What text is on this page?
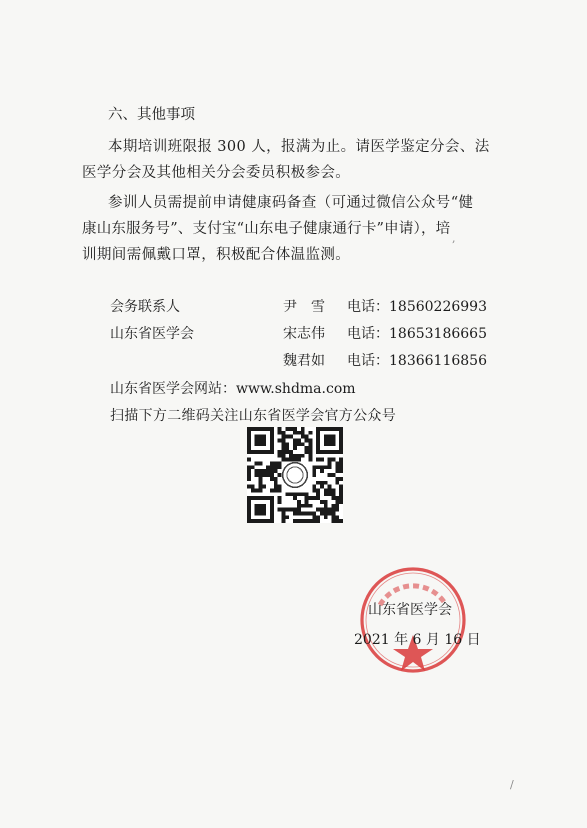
六、其他事项
本期培训班限报 300 人，报满为止。请医学鉴定分会、法
医学分会及其他相关分会委员积极参会。
参训人员需提前申请健康码备查（可通过微信公众号“健
康山东服务号”、支付宝“山东电子健康通行卡”申请），培
训期间需佩戴口罩，积极配合体温监测。
会务联系人
山东省医学会
尹　雪 电话：18560226993
宋志伟 电话：18653186665
魏君如 电话：18366116856
山东省医学会网站：www.shdma.com
扫描下方二维码关注山东省医学会官方公众号
山东省医学会
2021 年 6 月 16 日
,
/
